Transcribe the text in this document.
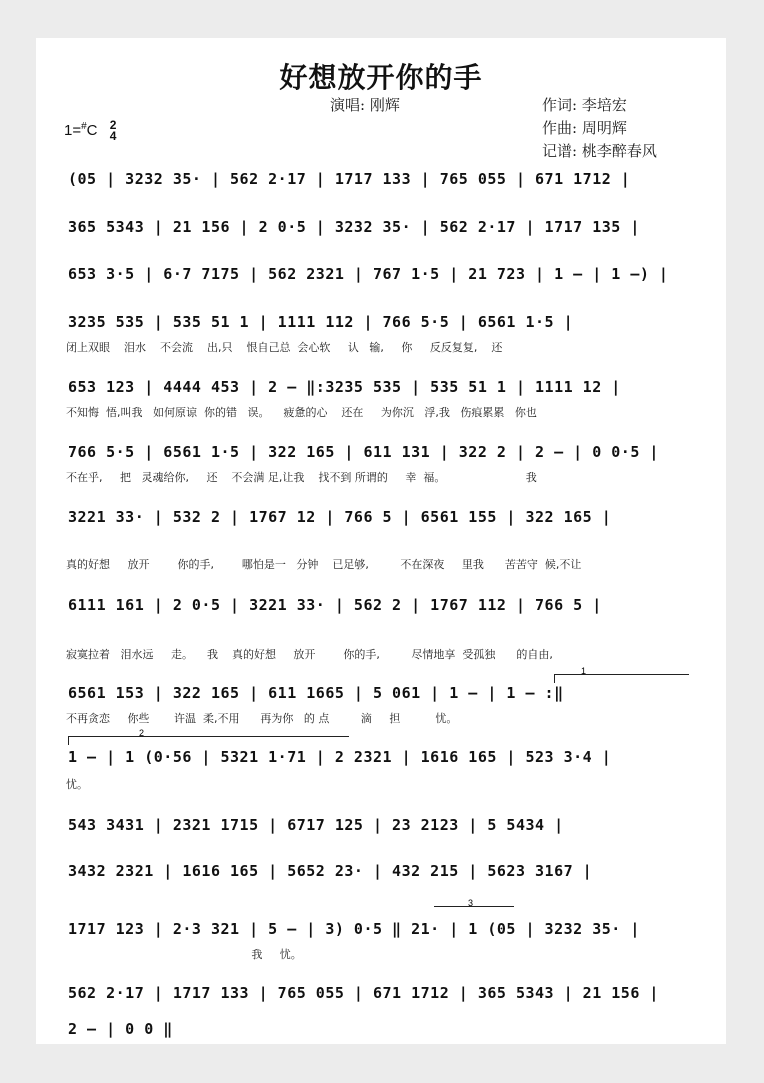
好想放开你的手
演唱: 刚辉	作词: 李培宏
作曲: 周明辉
记谱: 桃李醉春风
1=#C 2
4
(05 | 3232 35· | 562 2·17 | 1717 133 | 765 055 | 671 1712 |
365 5343 | 21 156 | 2 0·5 | 3232 35· | 562 2·17 | 1717 135 |
653 3·5 | 6·7 7175 | 562 2321 | 767 1·5 | 21 723 | 1 – | 1 –) |
3235 535 | 535 51 1 | 1111 112 | 766 5·5 | 6561 1·5 |
闭上双眼    泪水    不会流    出,只    恨自己总  会心软     认   输,     你     反反复复,    还
653 123 | 4444 453 | 2 – ‖:3235 535 | 535 51 1 | 1111 12 |
不知悔  悟,叫我   如何原谅  你的错   误。    疲惫的心    还在     为你沉   浮,我   伤痕累累   你也
766 5·5 | 6561 1·5 | 322 165 | 611 131 | 322 2 | 2 – | 0 0·5 |
不在乎,     把   灵魂给你,     还    不会满 足,让我    找不到 所谓的     幸  福。                       我
3221 33· | 532 2 | 1767 12 | 766 5 | 6561 155 | 322 165 |
真的好想     放开        你的手,        哪怕是一   分钟    已足够,         不在深夜     里我      苦苦守  候,不让
6111 161 | 2 0·5 | 3221 33· | 562 2 | 1767 112 | 766 5 |
寂寞拉着   泪水远     走。    我    真的好想     放开        你的手,         尽情地享  受孤独      的自由,
1
6561 153 | 322 165 | 611 1665 | 5 061 | 1 – | 1 – :‖
不再贪恋     你些       许温  柔,不用      再为你   的 点         滴     担          忧。
2
1 – | 1 (0·56 | 5321 1·71 | 2 2321 | 1616 165 | 523 3·4 |
忧。
543 3431 | 2321 1715 | 6717 125 | 23 2123 | 5 5434 |
3432 2321 | 1616 165 | 5652 23· | 432 215 | 5623 3167 |
3
1717 123 | 2·3 321 | 5 – | 3) 0·5 ‖ 21· | 1 (05 | 3232 35· |
我     忧。
562 2·17 | 1717 133 | 765 055 | 671 1712 | 365 5343 | 21 156 |
2 – | 0 0 ‖
